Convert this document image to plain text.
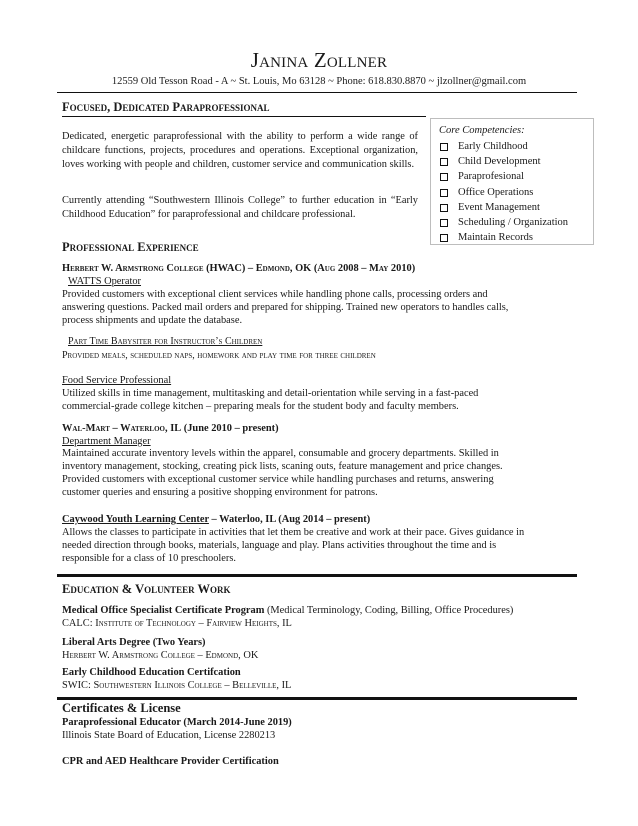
Janina Zollner
12559 Old Tesson Road - A ~ St. Louis, Mo 63128 ~ Phone: 618.830.8870 ~ jlzollner@gmail.com
Focused, Dedicated Paraprofessional
Dedicated, energetic paraprofessional with the ability to perform a wide range of childcare functions, projects, procedures and operations. Exceptional organization, loves working with people and children, customer service and communication skills.
Currently attending “Southwestern Illinois College” to further education in “Early Childhood Education” for paraprofessional and childcare professional.
Core Competencies:
Early Childhood
Child Development
Paraprofesional
Office Operations
Event Management
Scheduling / Organization
Maintain Records
Professional Experience
Herbert W. Armstrong College (HWAC) – Edmond, OK (Aug 2008 – May 2010)
WATTS Operator
Provided customers with exceptional client services while handling phone calls, processing orders and
answering questions. Packed mail orders and prepared for shipping. Trained new operators to handles calls,
process shipments and update the database.
Part Time Babysiter for Instructor’s Children
Provided meals, scheduled naps, homework and play time for three children
Food Service Professional
Utilized skills in time management, multitasking and detail-orientation while serving in a fast-paced
commercial-grade college kitchen – preparing meals for the student body and faculty members.
Wal-Mart – Waterloo, IL (June 2010 – present)
Department Manager
Maintained accurate inventory levels within the apparel, consumable and grocery departments. Skilled in
inventory management, stocking, creating pick lists, scaning outs, feature management and price changes.
Provided customers with exceptional customer service while handling purchases and returns, answering
customer queries and ensuring a positive shopping environment for patrons.
Caywood Youth Learning Center – Waterloo, IL (Aug 2014 – present)
Allows the classes to participate in activities that let them be creative and work at their pace. Gives guidance in
needed direction through books, materials, language and play. Plans activities throughout the time and is
responsible for a class of 10 preschoolers.
Education & Volunteer Work
Medical Office Specialist Certificate Program (Medical Terminology, Coding, Billing, Office Procedures)
CALC: Institute of Technology – Fairview Heights, IL
Liberal Arts Degree (Two Years)
Herbert W. Armstrong College – Edmond, OK
Early Childhood Education Certifcation
SWIC: Southwestern Illinois College – Belleville, IL
Certificates & License
Paraprofessional Educator (March 2014-June 2019)
Illinois State Board of Education, License 2280213
CPR and AED Healthcare Provider Certification
